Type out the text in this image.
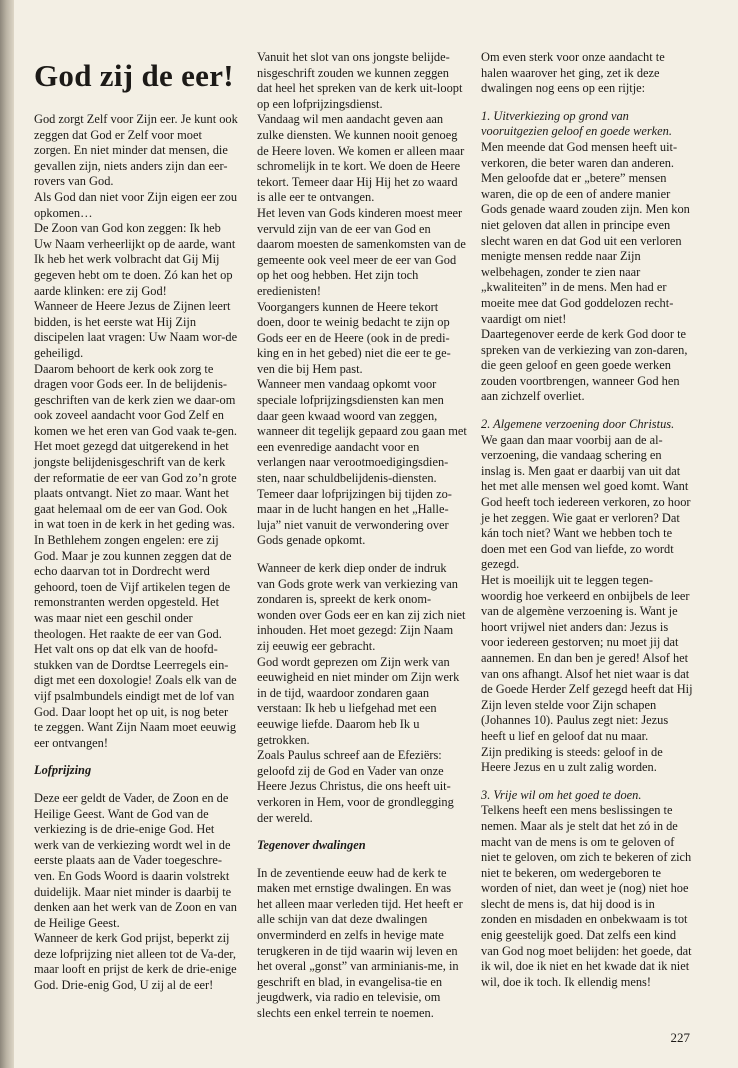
God zij de eer!

God zorgt Zelf voor Zijn eer. Je kunt ook zeggen dat God er Zelf voor moet zorgen. En niet minder dat mensen, die gevallen zijn, niets anders zijn dan eer-rovers van God.

Als God dan niet voor Zijn eigen eer zou opkomen…

De Zoon van God kon zeggen: Ik heb Uw Naam verheerlijkt op de aarde, want Ik heb het werk volbracht dat Gij Mij gegeven hebt om te doen. Zó kan het op aarde klinken: ere zij God!

Wanneer de Heere Jezus de Zijnen leert bidden, is het eerste wat Hij Zijn discipelen laat vragen: Uw Naam wor-de geheiligd.

Daarom behoort de kerk ook zorg te dragen voor Gods eer. In de belijdenis-geschriften van de kerk zien we daar-om ook zoveel aandacht voor God Zelf en komen we het eren van God vaak te-gen.

Het moet gezegd dat uitgerekend in het jongste belijdenisgeschrift van de kerk der reformatie de eer van God zo’n grote plaats ontvangt. Niet zo maar. Want het gaat helemaal om de eer van God. Ook in wat toen in de kerk in het geding was.

In Bethlehem zongen engelen: ere zij God. Maar je zou kunnen zeggen dat de echo daarvan tot in Dordrecht werd gehoord, toen de Vijf artikelen tegen de remonstranten werden opgesteld. Het was maar niet een geschil onder theologen. Het raakte de eer van God. Het valt ons op dat elk van de hoofd-stukken van de Dordtse Leerregels ein-digt met een doxologie! Zoals elk van de vijf psalmbundels eindigt met de lof van God. Daar loopt het op uit, is nog beter te zeggen. Want Zijn Naam moet eeuwig eer ontvangen!

Lofprijzing

Deze eer geldt de Vader, de Zoon en de Heilige Geest. Want de God van de verkiezing is de drie-enige God. Het werk van de verkiezing wordt wel in de eerste plaats aan de Vader toegeschre-ven. En Gods Woord is daarin volstrekt duidelijk. Maar niet minder is daarbij te denken aan het werk van de Zoon en van de Heilige Geest.

Wanneer de kerk God prijst, beperkt zij deze lofprijzing niet alleen tot de Va-der, maar looft en prijst de kerk de drie-enige God. Drie-enig God, U zij al de eer!

Vanuit het slot van ons jongste belijde-nisgeschrift zouden we kunnen zeggen dat heel het spreken van de kerk uit-loopt op een lofprijzingsdienst.

Vandaag wil men aandacht geven aan zulke diensten. We kunnen nooit genoeg de Heere loven. We komen er alleen maar schromelijk in te kort. We doen de Heere tekort. Temeer daar Hij Hij het zo waard is alle eer te ontvangen.

Het leven van Gods kinderen moest meer vervuld zijn van de eer van God en daarom moesten de samenkomsten van de gemeente ook veel meer de eer van God op het oog hebben. Het zijn toch eredienisten!

Voorgangers kunnen de Heere tekort doen, door te weinig bedacht te zijn op Gods eer en de Heere (ook in de predi-king en in het gebed) niet die eer te ge-ven die bij Hem past.

Wanneer men vandaag opkomt voor speciale lofprijzingsdiensten kan men daar geen kwaad woord van zeggen, wanneer dit tegelijk gepaard zou gaan met een evenredige aandacht voor en verlangen naar verootmoedigingsdien-sten, naar schuldbelijdenis-diensten. Temeer daar lofprijzingen bij tijden zo-maar in de lucht hangen en het „Halle-luja” niet vanuit de verwondering over Gods genade opkomt.

Wanneer de kerk diep onder de indruk van Gods grote werk van verkiezing van zondaren is, spreekt de kerk onom-wonden over Gods eer en kan zij zich niet inhouden. Het moet gezegd: Zijn Naam zij eeuwig eer gebracht.

God wordt geprezen om Zijn werk van eeuwigheid en niet minder om Zijn werk in de tijd, waardoor zondaren gaan verstaan: Ik heb u liefgehad met een eeuwige liefde. Daarom heb Ik u getrokken.

Zoals Paulus schreef aan de Efeziërs: geloofd zij de God en Vader van onze Heere Jezus Christus, die ons heeft uit-verkoren in Hem, voor de grondlegging der wereld.

Tegenover dwalingen

In de zeventiende eeuw had de kerk te maken met ernstige dwalingen. En was het alleen maar verleden tijd. Het heeft er alle schijn van dat deze dwalingen onverminderd en zelfs in hevige mate terugkeren in de tijd waarin wij leven en het overal „gonst” van arminianis-me, in geschrift en blad, in evangelisa-tie en jeugdwerk, via radio en televisie, om slechts een enkel terrein te noemen.

Om even sterk voor onze aandacht te halen waarover het ging, zet ik deze dwalingen nog eens op een rijtje:

1. Uitverkiezing op grond van vooruitgezien geloof en goede werken.

Men meende dat God mensen heeft uit-verkoren, die beter waren dan anderen. Men geloofde dat er „betere” mensen waren, die op de een of andere manier Gods genade waard zouden zijn. Men kon niet geloven dat allen in principe even slecht waren en dat God uit een verloren menigte mensen redde naar Zijn welbehagen, zonder te zien naar „kwaliteiten” in de mens. Men had er moeite mee dat God goddelozen recht-vaardigt om niet!

Daartegenover eerde de kerk God door te spreken van de verkiezing van zon-daren, die geen geloof en geen goede werken zouden voortbrengen, wanneer God hen aan zichzelf overliet.

2. Algemene verzoening door Christus.

We gaan dan maar voorbij aan de al-verzoening, die vandaag schering en inslag is. Men gaat er daarbij van uit dat het met alle mensen wel goed komt. Want God heeft toch iedereen verkoren, zo hoor je het zeggen. Wie gaat er verloren? Dat kán toch niet? Want we hebben toch te doen met een God van liefde, zo wordt gezegd.

Het is moeilijk uit te leggen tegen-woordig hoe verkeerd en onbijbels de leer van de algemène verzoening is. Want je hoort vrijwel niet anders dan: Jezus is voor iedereen gestorven; nu moet jij dat aannemen. En dan ben je gered! Alsof het van ons afhangt. Alsof het niet waar is dat de Goede Herder Zelf gezegd heeft dat Hij Zijn leven stelde voor Zijn schapen (Johannes 10). Paulus zegt niet: Jezus heeft u lief en geloof dat nu maar.

Zijn prediking is steeds: geloof in de Heere Jezus en u zult zalig worden.

3. Vrije wil om het goed te doen.

Telkens heeft een mens beslissingen te nemen. Maar als je stelt dat het zó in de macht van de mens is om te geloven of niet te geloven, om zich te bekeren of zich niet te bekeren, om wedergeboren te worden of niet, dan weet je (nog) niet hoe slecht de mens is, dat hij dood is in zonden en misdaden en onbekwaam is tot enig geestelijk goed. Dat zelfs een kind van God nog moet belijden: het goede, dat ik wil, doe ik niet en het kwade dat ik niet wil, doe ik toch. Ik ellendig mens!

227
